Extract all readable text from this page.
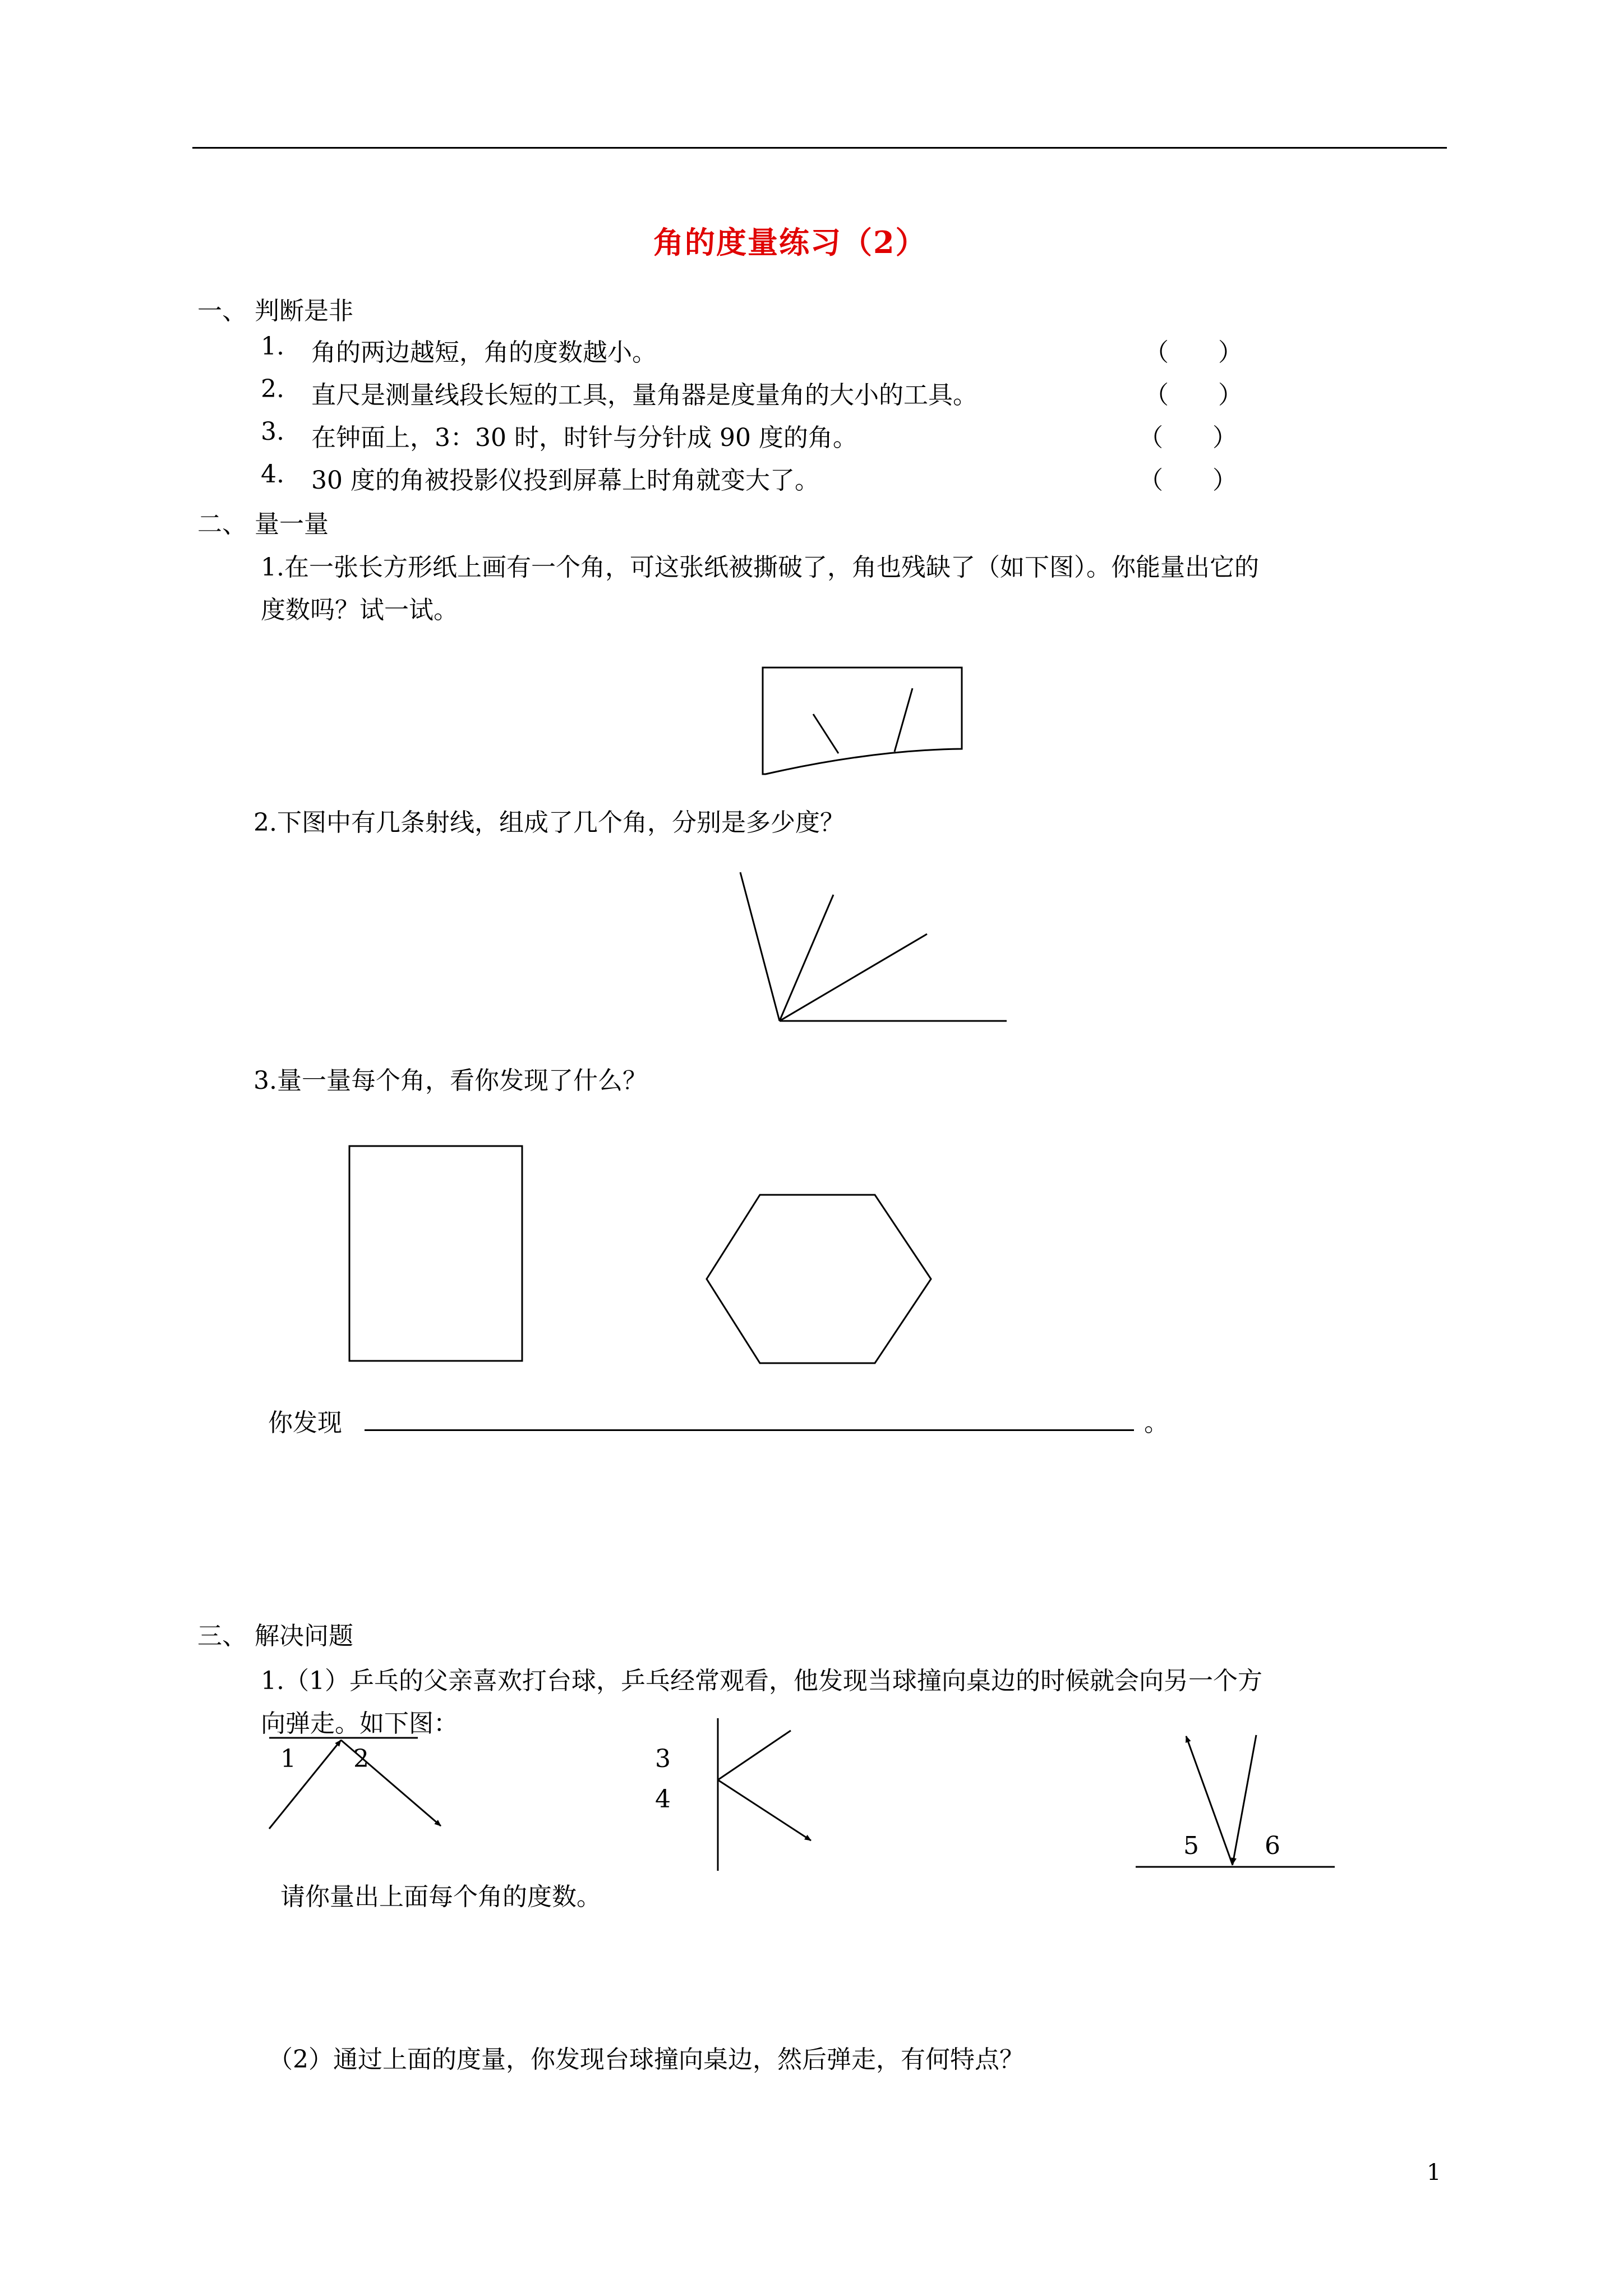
角的度量练习（2）
一、 判断是非
1. 角的两边越短，角的度数越小。	（　　）
2. 直尺是测量线段长短的工具，量角器是度量角的大小的工具。	（　　）
3. 在钟面上，3：30 时，时针与分针成 90 度的角。	（　　）
4. 30 度的角被投影仪投到屏幕上时角就变大了。	（　　）
二、 量一量
1.在一张长方形纸上画有一个角，可这张纸被撕破了，角也残缺了（如下图）。你能量出它的
度数吗？试一试。
2.下图中有几条射线，组成了几个角，分别是多少度？
3.量一量每个角，看你发现了什么？
你发现	。
三、 解决问题
1.（1）乒乓的父亲喜欢打台球，乒乓经常观看，他发现当球撞向桌边的时候就会向另一个方
向弹走。如下图：
1 2	3
4
5	6
请你量出上面每个角的度数。
（2）通过上面的度量，你发现台球撞向桌边，然后弹走，有何特点？
1
